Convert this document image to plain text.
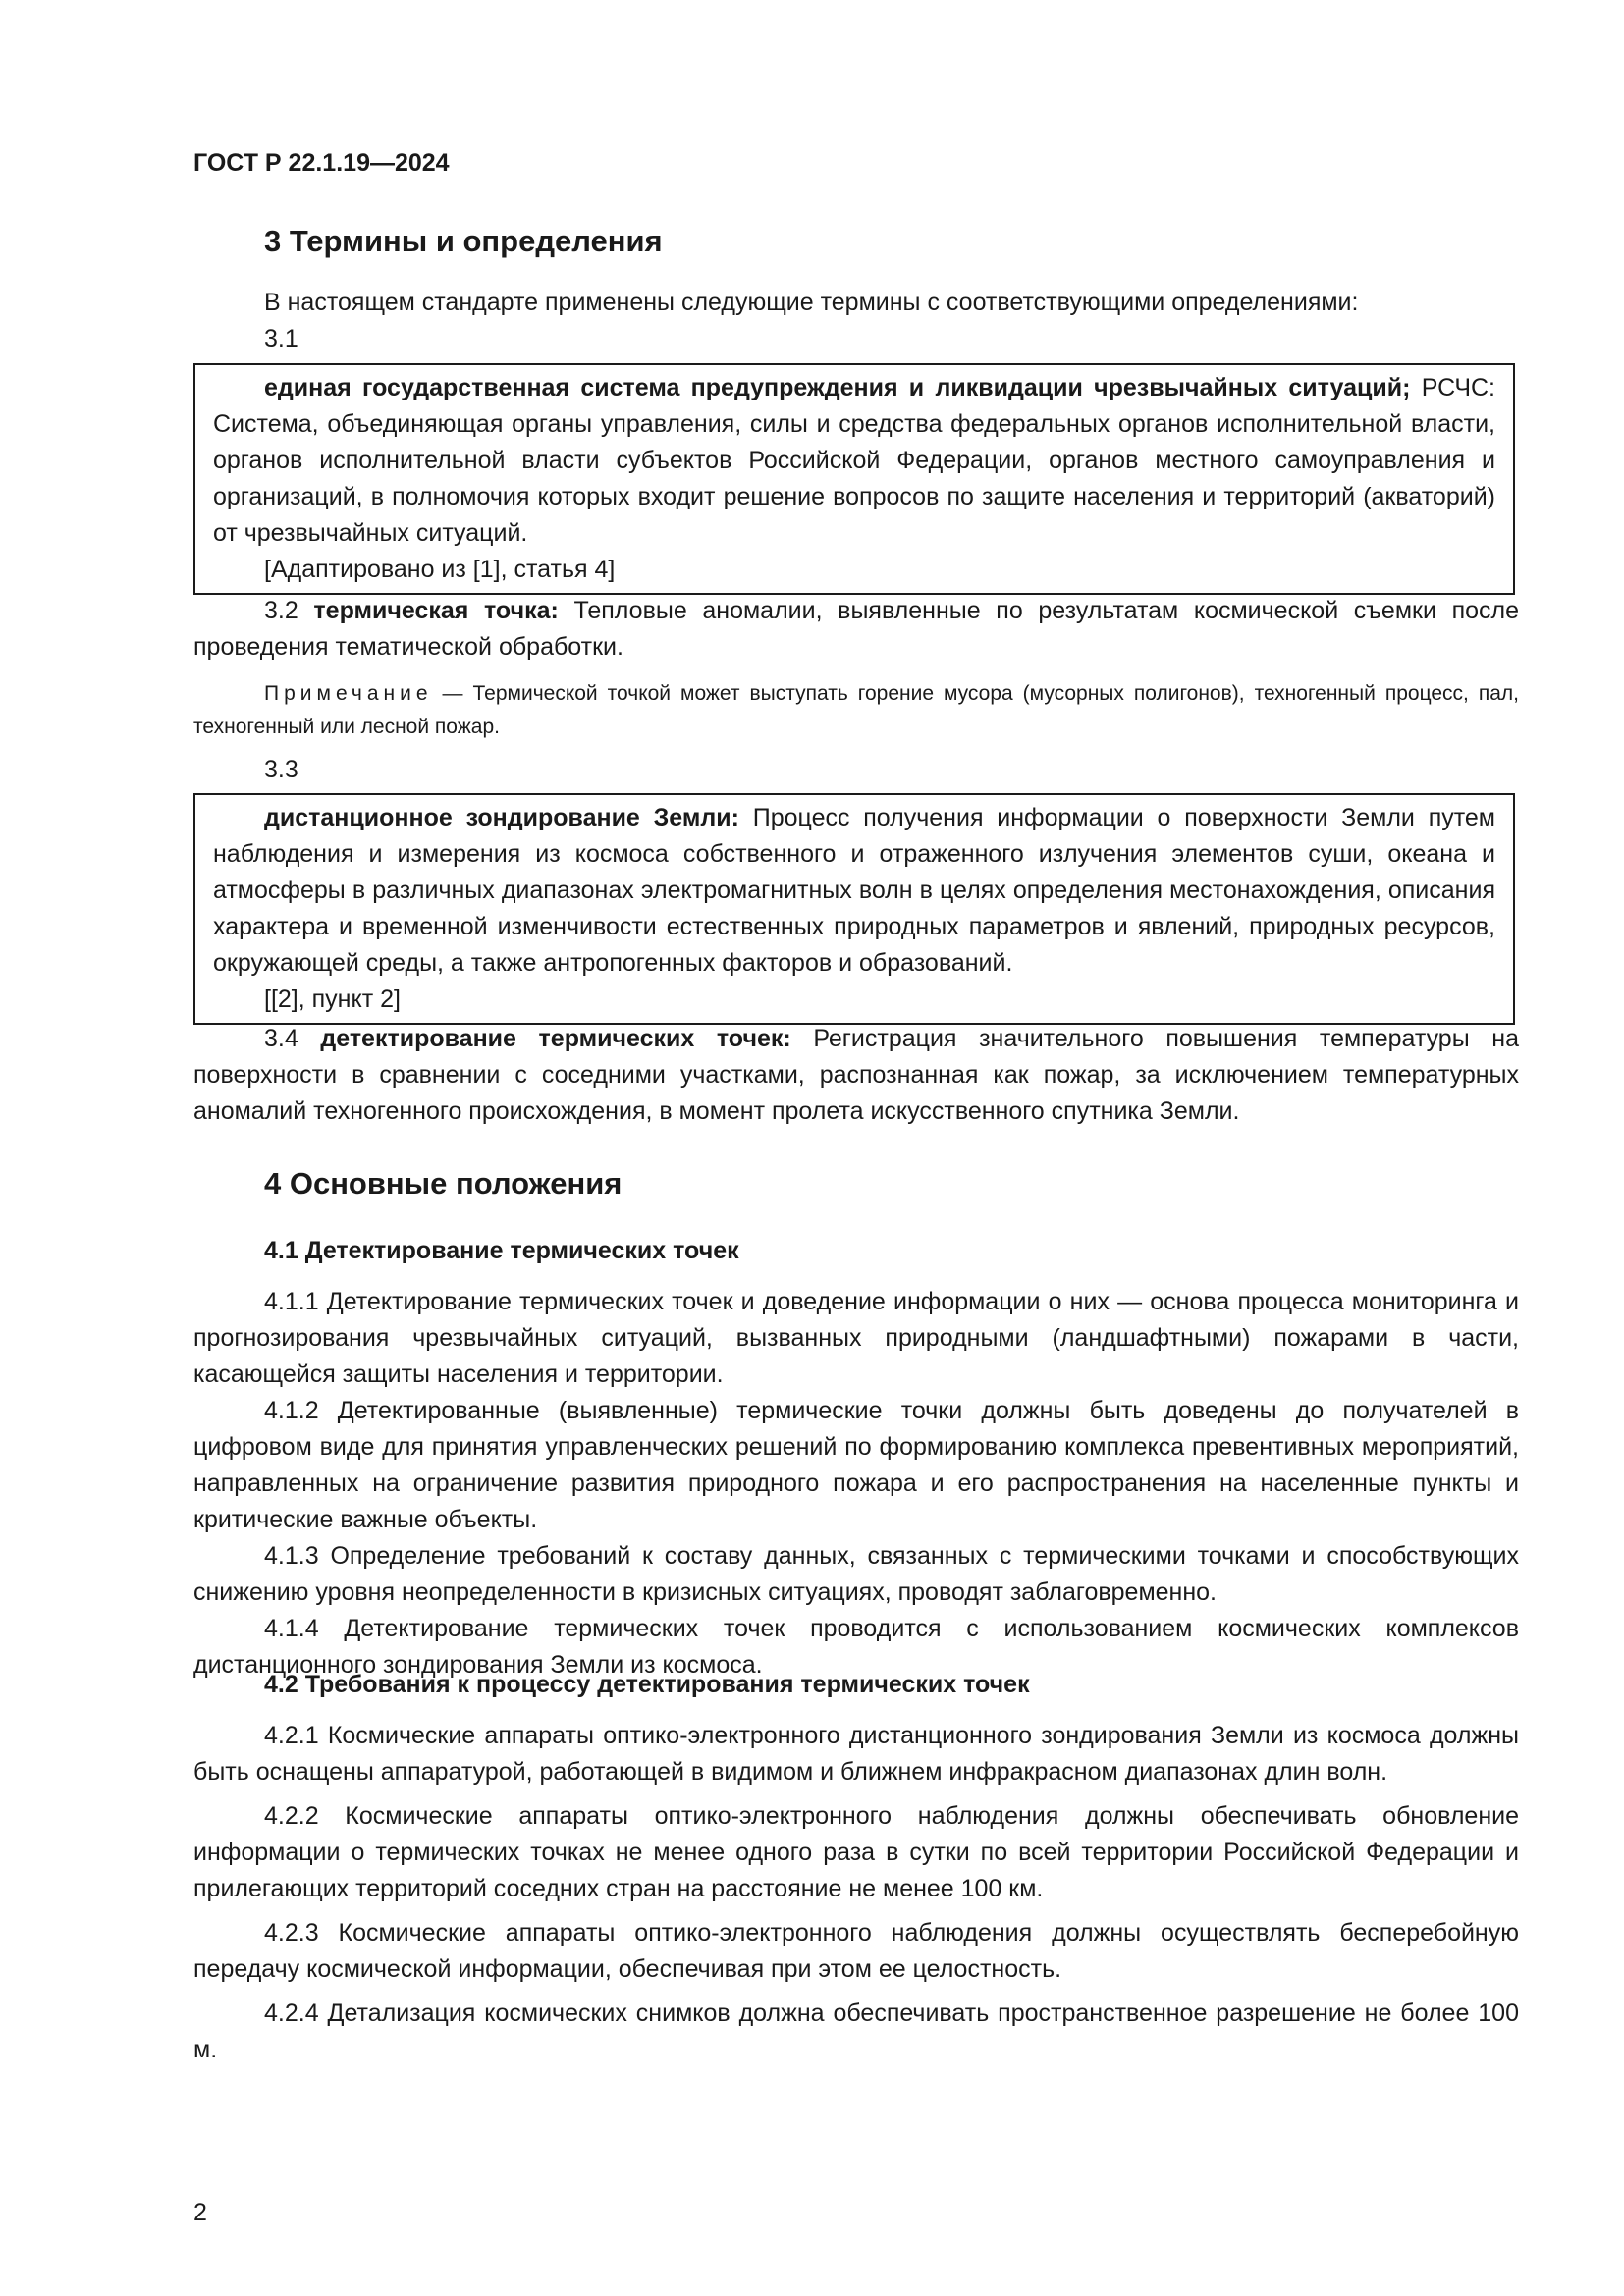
ГОСТ Р 22.1.19—2024

3 Термины и определения

В настоящем стандарте применены следующие термины с соответствующими определениями:

3.1

единая государственная система предупреждения и ликвидации чрезвычайных ситуаций; РСЧС: Система, объединяющая органы управления, силы и средства федеральных органов исполнительной власти, органов исполнительной власти субъектов Российской Федерации, органов местного самоуправления и организаций, в полномочия которых входит решение вопросов по защите населения и территорий (акваторий) от чрезвычайных ситуаций.

[Адаптировано из [1], статья 4]

3.2 термическая точка: Тепловые аномалии, выявленные по результатам космической съемки после проведения тематической обработки.

Примечание — Термической точкой может выступать горение мусора (мусорных полигонов), техногенный процесс, пал, техногенный или лесной пожар.

3.3

дистанционное зондирование Земли: Процесс получения информации о поверхности Земли путем наблюдения и измерения из космоса собственного и отраженного излучения элементов суши, океана и атмосферы в различных диапазонах электромагнитных волн в целях определения местонахождения, описания характера и временной изменчивости естественных природных параметров и явлений, природных ресурсов, окружающей среды, а также антропогенных факторов и образований.

[[2], пункт 2]

3.4 детектирование термических точек: Регистрация значительного повышения температуры на поверхности в сравнении с соседними участками, распознанная как пожар, за исключением температурных аномалий техногенного происхождения, в момент пролета искусственного спутника Земли.

4 Основные положения

4.1 Детектирование термических точек

4.1.1 Детектирование термических точек и доведение информации о них — основа процесса мониторинга и прогнозирования чрезвычайных ситуаций, вызванных природными (ландшафтными) пожарами в части, касающейся защиты населения и территории.

4.1.2 Детектированные (выявленные) термические точки должны быть доведены до получателей в цифровом виде для принятия управленческих решений по формированию комплекса превентивных мероприятий, направленных на ограничение развития природного пожара и его распространения на населенные пункты и критические важные объекты.

4.1.3 Определение требований к составу данных, связанных с термическими точками и способствующих снижению уровня неопределенности в кризисных ситуациях, проводят заблаговременно.

4.1.4 Детектирование термических точек проводится с использованием космических комплексов дистанционного зондирования Земли из космоса.

4.2 Требования к процессу детектирования термических точек

4.2.1 Космические аппараты оптико-электронного дистанционного зондирования Земли из космоса должны быть оснащены аппаратурой, работающей в видимом и ближнем инфракрасном диапазонах длин волн.

4.2.2 Космические аппараты оптико-электронного наблюдения должны обеспечивать обновление информации о термических точках не менее одного раза в сутки по всей территории Российской Федерации и прилегающих территорий соседних стран на расстояние не менее 100 км.

4.2.3 Космические аппараты оптико-электронного наблюдения должны осуществлять бесперебойную передачу космической информации, обеспечивая при этом ее целостность.

4.2.4 Детализация космических снимков должна обеспечивать пространственное разрешение не более 100 м.

2
